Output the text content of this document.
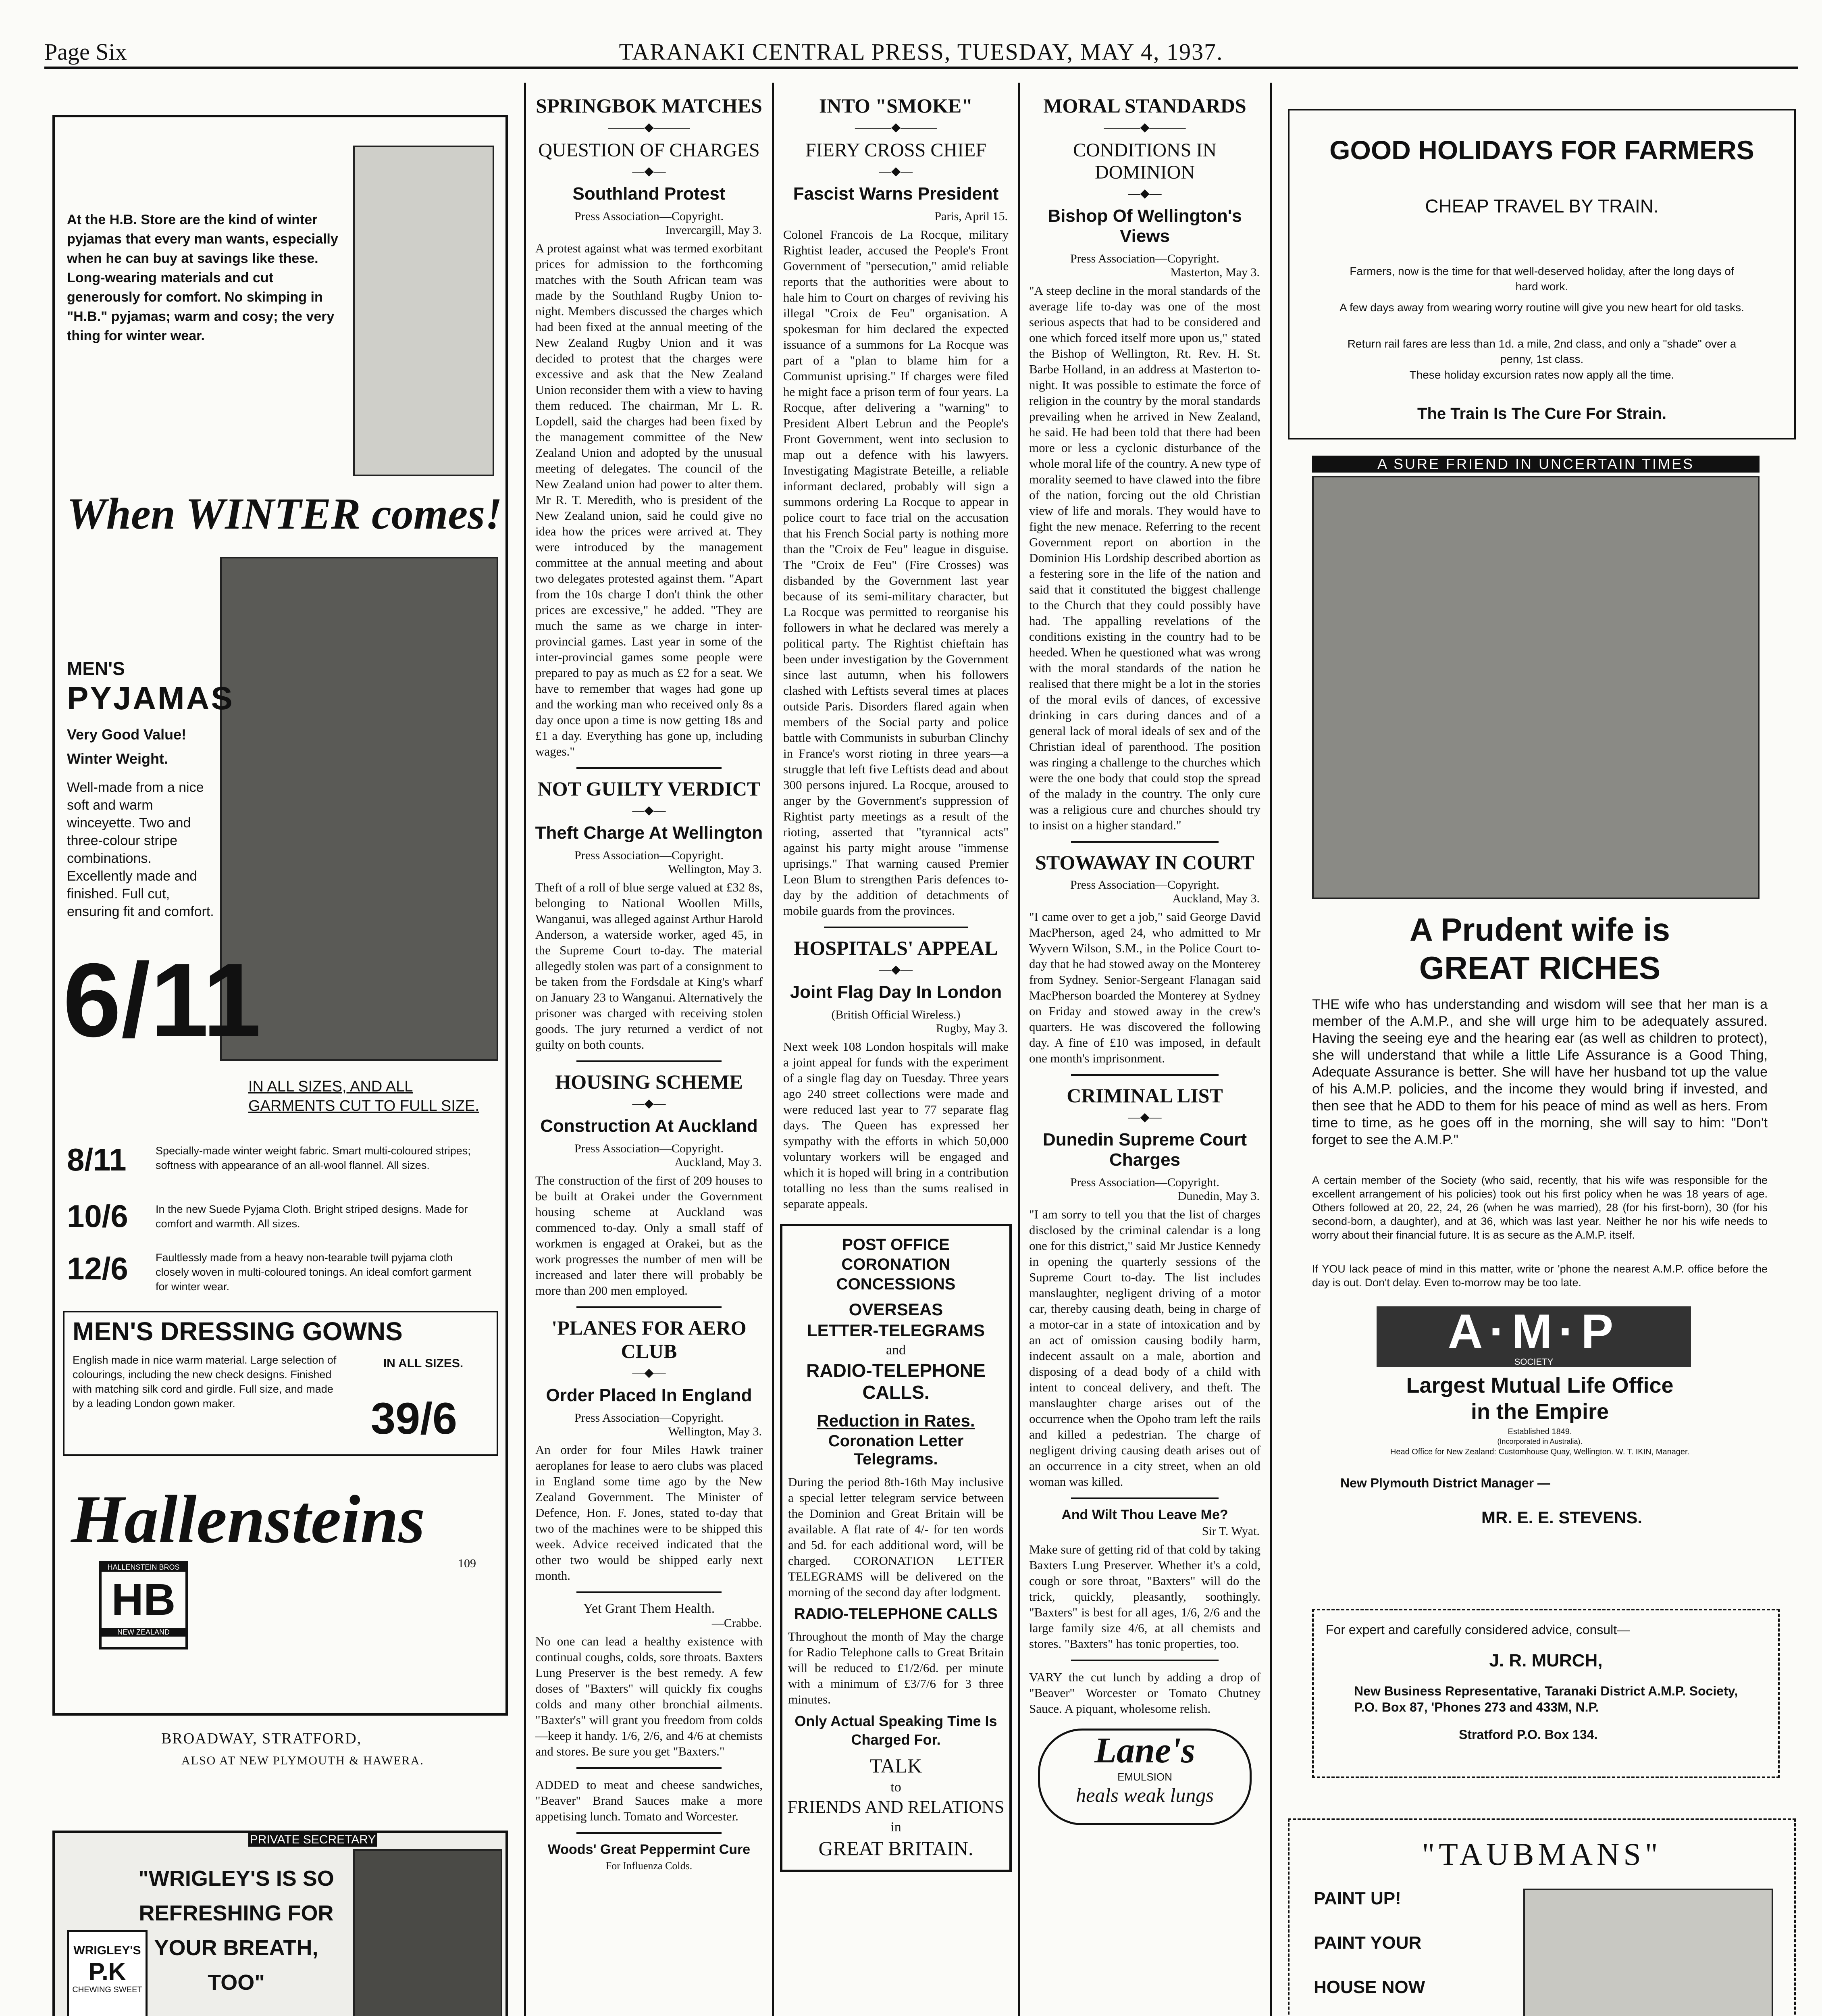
Page Six	TARANAKI CENTRAL PRESS, TUESDAY, MAY 4, 1937.
At the H.B. Store are the kind of winter pyjamas that every man wants, especially when he can buy at savings like these. Long-wearing materials and cut generously for comfort. No skimping in "H.B." pyjamas; warm and cosy; the very thing for winter wear.
When WINTER comes!
MEN'S
PYJAMAS
Very Good Value!
Winter Weight.
Well-made from a nice soft and warm winceyette. Two and three-colour stripe combinations. Excellently made and finished. Full cut, ensuring fit and comfort.
6/11
IN ALL SIZES, AND ALL GARMENTS CUT TO FULL SIZE.
8/11	Specially-made winter weight fabric. Smart multi-coloured stripes; softness with appearance of an all-wool flannel. All sizes.
10/6	In the new Suede Pyjama Cloth. Bright striped designs. Made for comfort and warmth. All sizes.
12/6	Faultlessly made from a heavy non-tearable twill pyjama cloth closely woven in multi-coloured tonings. An ideal comfort garment for winter wear.
MEN'S DRESSING GOWNS
English made in nice warm material. Large selection of colourings, including the new check designs. Finished with matching silk cord and girdle. Full size, and made by a leading London gown maker.
IN ALL SIZES.
39/6
Hallensteins
109
HALLENSTEIN BROS
HB
NEW ZEALAND
BROADWAY, STRATFORD,
ALSO AT NEW PLYMOUTH & HAWERA.
PRIVATE SECRETARY
"WRIGLEY'S IS SO REFRESHING FOR YOUR BREATH, TOO"
WRIGLEY'S
P.K
CHEWING SWEET
SPRINGBOK MATCHES
———◆———
QUESTION OF CHARGES
—◆—
Southland Protest
Press Association—Copyright.
Invercargill, May 3.
A protest against what was termed exorbitant prices for admission to the forthcoming matches with the South African team was made by the Southland Rugby Union to-night. Members discussed the charges which had been fixed at the annual meeting of the New Zealand Rugby Union and it was decided to protest that the charges were excessive and ask that the New Zealand Union reconsider them with a view to having them reduced. The chairman, Mr L. R. Lopdell, said the charges had been fixed by the management committee of the New Zealand Union and adopted by the unusual meeting of delegates. The council of the New Zealand union had power to alter them. Mr R. T. Meredith, who is president of the New Zealand union, said he could give no idea how the prices were arrived at. They were introduced by the management committee at the annual meeting and about two delegates protested against them. "Apart from the 10s charge I don't think the other prices are excessive," he added. "They are much the same as we charge in inter-provincial games. Last year in some of the inter-provincial games some people were prepared to pay as much as £2 for a seat. We have to remember that wages had gone up and the working man who received only 8s a day once upon a time is now getting 18s and £1 a day. Everything has gone up, including wages."
NOT GUILTY VERDICT
—◆—
Theft Charge At Wellington
Press Association—Copyright.
Wellington, May 3.
Theft of a roll of blue serge valued at £32 8s, belonging to National Woollen Mills, Wanganui, was alleged against Arthur Harold Anderson, a waterside worker, aged 45, in the Supreme Court to-day. The material allegedly stolen was part of a consignment to be taken from the Fordsdale at King's wharf on January 23 to Wanganui. Alternatively the prisoner was charged with receiving stolen goods. The jury returned a verdict of not guilty on both counts.
HOUSING SCHEME
—◆—
Construction At Auckland
Press Association—Copyright.
Auckland, May 3.
The construction of the first of 209 houses to be built at Orakei under the Government housing scheme at Auckland was commenced to-day. Only a small staff of workmen is engaged at Orakei, but as the work progresses the number of men will be increased and later there will probably be more than 200 men employed.
'PLANES FOR AERO CLUB
—◆—
Order Placed In England
Press Association—Copyright.
Wellington, May 3.
An order for four Miles Hawk trainer aeroplanes for lease to aero clubs was placed in England some time ago by the New Zealand Government. The Minister of Defence, Hon. F. Jones, stated to-day that two of the machines were to be shipped this week. Advice received indicated that the other two would be shipped early next month.
Yet Grant Them Health.
—Crabbe.
No one can lead a healthy existence with continual coughs, colds, sore throats. Baxters Lung Preserver is the best remedy. A few doses of "Baxters" will quickly fix coughs colds and many other bronchial ailments. "Baxter's" will grant you freedom from colds—keep it handy. 1/6, 2/6, and 4/6 at chemists and stores. Be sure you get "Baxters."
ADDED to meat and cheese sandwiches, "Beaver" Brand Sauces make a more appetising lunch. Tomato and Worcester.
Woods' Great Peppermint Cure
For Influenza Colds.
INTO "SMOKE"
———◆———
FIERY CROSS CHIEF
—◆—
Fascist Warns President
Paris, April 15.
Colonel Francois de La Rocque, military Rightist leader, accused the People's Front Government of "persecution," amid reliable reports that the authorities were about to hale him to Court on charges of reviving his illegal "Croix de Feu" organisation. A spokesman for him declared the expected issuance of a summons for La Rocque was part of a "plan to blame him for a Communist uprising." If charges were filed he might face a prison term of four years. La Rocque, after delivering a "warning" to President Albert Lebrun and the People's Front Government, went into seclusion to map out a defence with his lawyers. Investigating Magistrate Beteille, a reliable informant declared, probably will sign a summons ordering La Rocque to appear in police court to face trial on the accusation that his French Social party is nothing more than the "Croix de Feu" league in disguise. The "Croix de Feu" (Fire Crosses) was disbanded by the Government last year because of its semi-military character, but La Rocque was permitted to reorganise his followers in what he declared was merely a political party. The Rightist chieftain has been under investigation by the Government since last autumn, when his followers clashed with Leftists several times at places outside Paris. Disorders flared again when members of the Social party and police battle with Communists in suburban Clinchy in France's worst rioting in three years—a struggle that left five Leftists dead and about 300 persons injured. La Rocque, aroused to anger by the Government's suppression of Rightist party meetings as a result of the rioting, asserted that "tyrannical acts" against his party might arouse "immense uprisings." That warning caused Premier Leon Blum to strengthen Paris defences to-day by the addition of detachments of mobile guards from the provinces.
HOSPITALS' APPEAL
—◆—
Joint Flag Day In London
(British Official Wireless.)
Rugby, May 3.
Next week 108 London hospitals will make a joint appeal for funds with the experiment of a single flag day on Tuesday. Three years ago 240 street collections were made and were reduced last year to 77 separate flag days. The Queen has expressed her sympathy with the efforts in which 50,000 voluntary workers will be engaged and which it is hoped will bring in a contribution totalling no less than the sums realised in separate appeals.
POST OFFICE
CORONATION
CONCESSIONS
OVERSEAS
LETTER-TELEGRAMS
and
RADIO-TELEPHONE CALLS.
Reduction in Rates.
Coronation Letter Telegrams.
During the period 8th-16th May inclusive a special letter telegram service between the Dominion and Great Britain will be available. A flat rate of 4/- for ten words and 5d. for each additional word, will be charged. CORONATION LETTER TELEGRAMS will be delivered on the morning of the second day after lodgment.
RADIO-TELEPHONE CALLS
Throughout the month of May the charge for Radio Telephone calls to Great Britain will be reduced to £1/2/6d. per minute with a minimum of £3/7/6 for 3 three minutes.
Only Actual Speaking Time Is
Charged For.
TALK
to
FRIENDS AND RELATIONS
in
GREAT BRITAIN.
MORAL STANDARDS
———◆———
CONDITIONS IN DOMINION
—◆—
Bishop Of Wellington's Views
Press Association—Copyright.
Masterton, May 3.
"A steep decline in the moral standards of the average life to-day was one of the most serious aspects that had to be considered and one which forced itself more upon us," stated the Bishop of Wellington, Rt. Rev. H. St. Barbe Holland, in an address at Masterton to-night. It was possible to estimate the force of religion in the country by the moral standards prevailing when he arrived in New Zealand, he said. He had been told that there had been more or less a cyclonic disturbance of the whole moral life of the country. A new type of morality seemed to have clawed into the fibre of the nation, forcing out the old Christian view of life and morals. They would have to fight the new menace. Referring to the recent Government report on abortion in the Dominion His Lordship described abortion as a festering sore in the life of the nation and said that it constituted the biggest challenge to the Church that they could possibly have had. The appalling revelations of the conditions existing in the country had to be heeded. When he questioned what was wrong with the moral standards of the nation he realised that there might be a lot in the stories of the moral evils of dances, of excessive drinking in cars during dances and of a general lack of moral ideals of sex and of the Christian ideal of parenthood. The position was ringing a challenge to the churches which were the one body that could stop the spread of the malady in the country. The only cure was a religious cure and churches should try to insist on a higher standard."
STOWAWAY IN COURT
Press Association—Copyright.
Auckland, May 3.
"I came over to get a job," said George David MacPherson, aged 24, who admitted to Mr Wyvern Wilson, S.M., in the Police Court to-day that he had stowed away on the Monterey from Sydney. Senior-Sergeant Flanagan said MacPherson boarded the Monterey at Sydney on Friday and stowed away in the crew's quarters. He was discovered the following day. A fine of £10 was imposed, in default one month's imprisonment.
CRIMINAL LIST
—◆—
Dunedin Supreme Court Charges
Press Association—Copyright.
Dunedin, May 3.
"I am sorry to tell you that the list of charges disclosed by the criminal calendar is a long one for this district," said Mr Justice Kennedy in opening the quarterly sessions of the Supreme Court to-day. The list includes manslaughter, negligent driving of a motor car, thereby causing death, being in charge of a motor-car in a state of intoxication and by an act of omission causing bodily harm, indecent assault on a male, abortion and disposing of a dead body of a child with intent to conceal delivery, and theft. The manslaughter charge arises out of the occurrence when the Opoho tram left the rails and killed a pedestrian. The charge of negligent driving causing death arises out of an occurrence in a city street, when an old woman was killed.
And Wilt Thou Leave Me?
Sir T. Wyat.
Make sure of getting rid of that cold by taking Baxters Lung Preserver. Whether it's a cold, cough or sore throat, "Baxters" will do the trick, quickly, pleasantly, soothingly. "Baxters" is best for all ages, 1/6, 2/6 and the large family size 4/6, at all chemists and stores. "Baxters" has tonic properties, too.
VARY the cut lunch by adding a drop of "Beaver" Worcester or Tomato Chutney Sauce. A piquant, wholesome relish.
Lane's
EMULSION
heals weak lungs
GOOD HOLIDAYS FOR FARMERS
CHEAP TRAVEL BY TRAIN.
Farmers, now is the time for that well-deserved holiday, after the long days of hard work.
A few days away from wearing worry routine will give you new heart for old tasks.
Return rail fares are less than 1d. a mile, 2nd class, and only a "shade" over a penny, 1st class.
These holiday excursion rates now apply all the time.
The Train Is The Cure For Strain.
A SURE FRIEND IN UNCERTAIN TIMES
A Prudent wife is
GREAT RICHES
THE wife who has understanding and wisdom will see that her man is a member of the A.M.P., and she will urge him to be adequately assured. Having the seeing eye and the hearing ear (as well as children to protect), she will understand that while a little Life Assurance is a Good Thing, Adequate Assurance is better. She will have her husband tot up the value of his A.M.P. policies, and the income they would bring if invested, and then see that he ADD to them for his peace of mind as well as hers. From time to time, as he goes off in the morning, she will say to him: "Don't forget to see the A.M.P."
A certain member of the Society (who said, recently, that his wife was responsible for the excellent arrangement of his policies) took out his first policy when he was 18 years of age. Others followed at 20, 22, 24, 26 (when he was married), 28 (for his first-born), 30 (for his second-born, a daughter), and at 36, which was last year. Neither he nor his wife needs to worry about their financial future. It is as secure as the A.M.P. itself.
If YOU lack peace of mind in this matter, write or 'phone the nearest A.M.P. office before the day is out. Don't delay. Even to-morrow may be too late.
A·M·P
SOCIETY
Largest Mutual Life Office
in the Empire
Established 1849.
(Incorporated in Australia).
Head Office for New Zealand: Customhouse Quay, Wellington. W. T. IKIN, Manager.
New Plymouth District Manager —
MR. E. E. STEVENS.
For expert and carefully considered advice, consult—
J. R. MURCH,
New Business Representative, Taranaki District A.M.P. Society, P.O. Box 87, 'Phones 273 and 433M, N.P.
Stratford P.O. Box 134.
"TAUBMANS"
PAINT UP!
PAINT YOUR
HOUSE NOW
